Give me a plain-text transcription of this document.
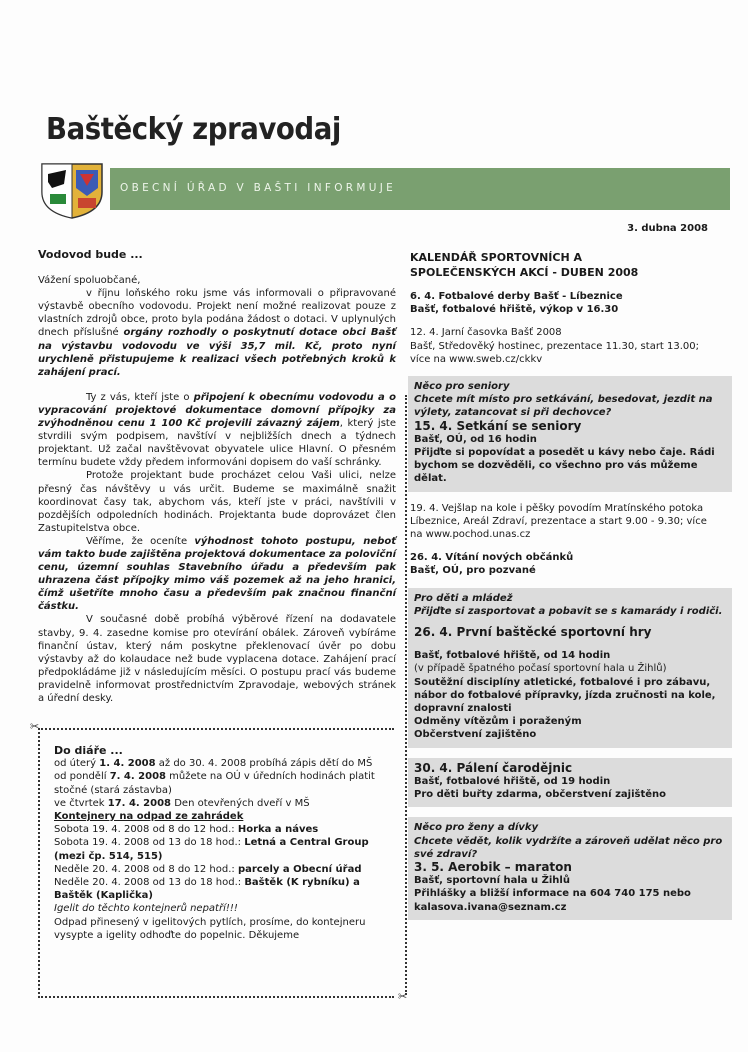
Baštěcký zpravodaj
OBECNÍ ÚŘAD V BAŠTI INFORMUJE
3. dubna 2008
Vodovod bude ...

Vážení spoluobčané,

v říjnu loňského roku jsme vás informovali o připravované výstavbě obecního vodovodu. Projekt není možné realizovat pouze z vlastních zdrojů obce, proto byla podána žádost o dotaci. V uplynulých dnech příslušné orgány rozhodly o poskytnutí dotace obci Bašť na výstavbu vodovodu ve výši 35,7 mil. Kč, proto nyní urychleně přistupujeme k realizaci všech potřebných kroků k zahájení prací.

Ty z vás, kteří jste o připojení k obecnímu vodovodu a o vypracování projektové dokumentace domovní přípojky za zvýhodněnou cenu 1 100 Kč projevili závazný zájem, který jste stvrdili svým podpisem, navštíví v nejbližších dnech a týdnech projektant. Už začal navštěvovat obyvatele ulice Hlavní. O přesném termínu budete vždy předem informováni dopisem do vaší schránky.

Protože projektant bude procházet celou Vaši ulici, nelze přesný čas návštěvy u vás určit. Budeme se maximálně snažit koordinovat časy tak, abychom vás, kteří jste v práci, navštívili v pozdějších odpoledních hodinách. Projektanta bude doprovázet člen Zastupitelstva obce.

Věříme, že oceníte výhodnost tohoto postupu, neboť vám takto bude zajištěna projektová dokumentace za poloviční cenu, územní souhlas Stavebního úřadu a především pak uhrazena část přípojky mimo váš pozemek až na jeho hranici, čímž ušetříte mnoho času a především pak značnou finanční částku.

V současné době probíhá výběrové řízení na dodavatele stavby, 9. 4. zasedne komise pro otevírání obálek. Zároveň vybíráme finanční ústav, který nám poskytne překlenovací úvěr po dobu výstavby až do kolaudace než bude vyplacena dotace. Zahájení prací předpokládáme již v následujícím měsíci. O postupu prací vás budeme pravidelně informovat prostřednictvím Zpravodaje, webových stránek a úřední desky.

✂
✂
Do diáře ...
od úterý 1. 4. 2008 až do 30. 4. 2008 probíhá zápis dětí do MŠ
od pondělí 7. 4. 2008 můžete na OÚ v úředních hodinách platit stočné (stará zástavba)
ve čtvrtek 17. 4. 2008 Den otevřených dveří v MŠ
Kontejnery na odpad ze zahrádek
Sobota 19. 4. 2008 od 8 do 12 hod.: Horka a náves
Sobota 19. 4. 2008 od 13 do 18 hod.: Letná a Central Group (mezi čp. 514, 515)
Neděle 20. 4. 2008 od 8 do 12 hod.: parcely a Obecní úřad
Neděle 20. 4. 2008 od 13 do 18 hod.: Baštěk (K rybníku) a Baštěk (Kaplička)
Igelit do těchto kontejnerů nepatří!!!
Odpad přinesený v igelitových pytlích, prosíme, do kontejneru vysypte a igelity odhoďte do popelnic. Děkujeme
KALENDÁŘ SPORTOVNÍCH A
SPOLEČENSKÝCH AKCÍ - DUBEN 2008
6. 4. Fotbalové derby Bašť - Líbeznice
Bašť, fotbalové hřiště, výkop v 16.30
12. 4. Jarní časovka Bašť 2008
Bašť, Středověký hostinec, prezentace 11.30, start 13.00; více na www.sweb.cz/ckkv
Něco pro seniory
Chcete mít místo pro setkávání, besedovat, jezdit na výlety, zatancovat si při dechovce?
15. 4. Setkání se seniory
Bašť, OÚ, od 16 hodin
Přijďte si popovídat a posedět u kávy nebo čaje. Rádi bychom se dozvěděli, co všechno pro vás můžeme dělat.
19. 4. Vejšlap na kole i pěšky povodím Mratínského potoka
Líbeznice, Areál Zdraví, prezentace a start 9.00 - 9.30; více na www.pochod.unas.cz
26. 4. Vítání nových občánků
Bašť, OÚ, pro pozvané
Pro děti a mládež
Přijďte si zasportovat a pobavit se s kamarády i rodiči.
26. 4. První baštěcké sportovní hry
Bašť, fotbalové hřiště, od 14 hodin
(v případě špatného počasí sportovní hala u Žihlů)
Soutěžní disciplíny atletické, fotbalové i pro zábavu, nábor do fotbalové přípravky, jízda zručnosti na kole, dopravní znalosti
Odměny vítězům i poraženým
Občerstvení zajištěno
30. 4. Pálení čarodějnic
Bašť, fotbalové hřiště, od 19 hodin
Pro děti buřty zdarma, občerstvení zajištěno
Něco pro ženy a dívky
Chcete vědět, kolik vydržíte a zároveň udělat něco pro své zdraví?
3. 5. Aerobik – maraton
Bašť, sportovní hala u Žihlů
Přihlášky a bližší informace na 604 740 175 nebo kalasova.ivana@seznam.cz
